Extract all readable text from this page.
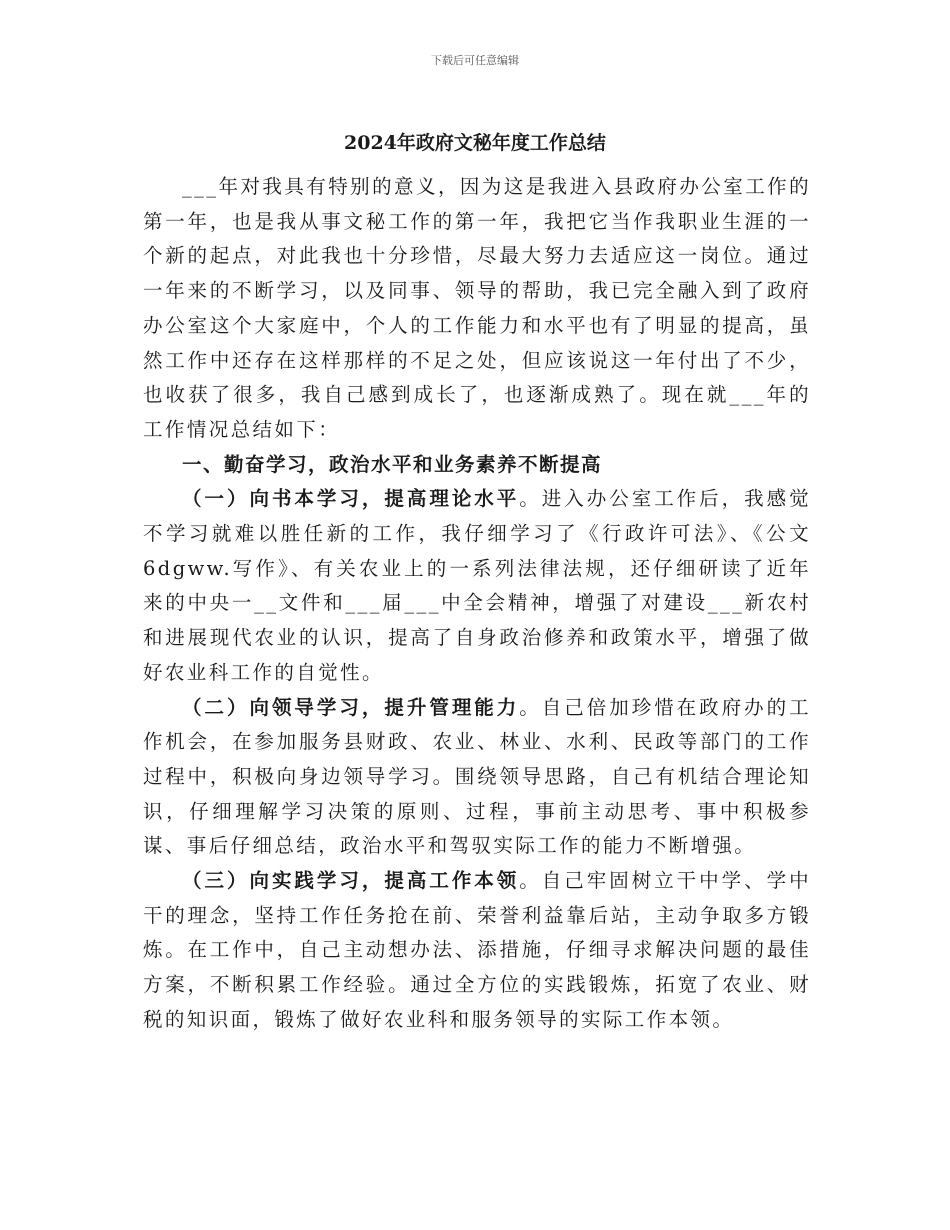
下载后可任意编辑
2024年政府文秘年度工作总结

___年对我具有特别的意义，因为这是我进入县政府办公室工作的第一年，也是我从事文秘工作的第一年，我把它当作我职业生涯的一个新的起点，对此我也十分珍惜，尽最大努力去适应这一岗位。通过一年来的不断学习，以及同事、领导的帮助，我已完全融入到了政府办公室这个大家庭中，个人的工作能力和水平也有了明显的提高，虽然工作中还存在这样那样的不足之处，但应该说这一年付出了不少，也收获了很多，我自己感到成长了，也逐渐成熟了。现在就___年的工作情况总结如下：

一、勤奋学习，政治水平和业务素养不断提高

（一）向书本学习，提高理论水平。进入办公室工作后，我感觉不学习就难以胜任新的工作，我仔细学习了《行政许可法》、《公文6dgww.写作》、有关农业上的一系列法律法规，还仔细研读了近年来的中央一__文件和___届___中全会精神，增强了对建设___新农村和进展现代农业的认识，提高了自身政治修养和政策水平，增强了做好农业科工作的自觉性。

（二）向领导学习，提升管理能力。自己倍加珍惜在政府办的工作机会，在参加服务县财政、农业、林业、水利、民政等部门的工作过程中，积极向身边领导学习。围绕领导思路，自己有机结合理论知识，仔细理解学习决策的原则、过程，事前主动思考、事中积极参谋、事后仔细总结，政治水平和驾驭实际工作的能力不断增强。

（三）向实践学习，提高工作本领。自己牢固树立干中学、学中干的理念，坚持工作任务抢在前、荣誉利益靠后站，主动争取多方锻炼。在工作中，自己主动想办法、添措施，仔细寻求解决问题的最佳方案，不断积累工作经验。通过全方位的实践锻炼，拓宽了农业、财税的知识面，锻炼了做好农业科和服务领导的实际工作本领。
